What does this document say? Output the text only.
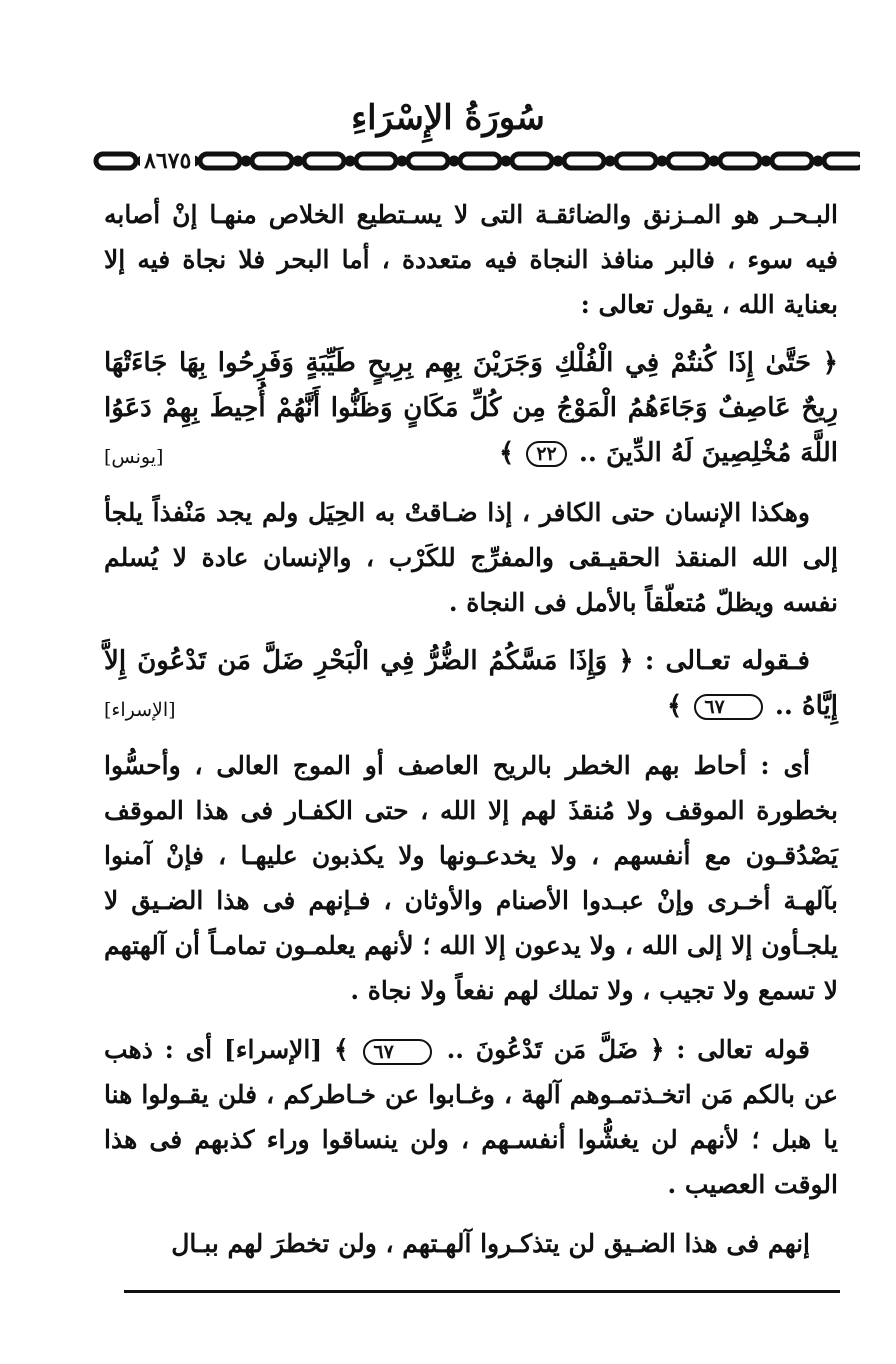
سُورَةُ الإِسْرَاءِ
٨٦٧٥

البـحـر هو المـزنق والضائقـة التى لا يسـتطيع الخلاص منهـا إنْ أصابه فيه سوء ، فالبر منافذ النجاة فيه متعددة ، أما البحر فلا نجاة فيه إلا بعناية الله ، يقول تعالى :

﴿ حَتَّىٰ إِذَا كُنتُمْ فِي الْفُلْكِ وَجَرَيْنَ بِهِم بِرِيحٍ طَيِّبَةٍ وَفَرِحُوا بِهَا جَاءَتْهَا رِيحٌ عَاصِفٌ وَجَاءَهُمُ الْمَوْجُ مِن كُلِّ مَكَانٍ وَظَنُّوا أَنَّهُمْ أُحِيطَ بِهِمْ دَعَوُا اللَّهَ مُخْلِصِينَ لَهُ الدِّينَ .. ٢٢ ﴾
[يونس]

وهكذا الإنسان حتى الكافر ، إذا ضـاقتْ به الحِيَل ولم يجد مَنْفذاً يلجأ إلى الله المنقذ الحقيـقى والمفرِّج للكَرْب ، والإنسان عادة لا يُسلم نفسه ويظلّ مُتعلّقاً بالأمل فى النجاة .

فـقوله تعـالى : ﴿ وَإِذَا مَسَّكُمُ الضُّرُّ فِي الْبَحْرِ ضَلَّ مَن تَدْعُونَ إِلاَّ إِيَّاهُ .. ٦٧ ﴾
[الإسراء]

أى : أحاط بهم الخطر بالريح العاصف أو الموج العالى ، وأحسُّوا بخطورة الموقف ولا مُنقذَ لهم إلا الله ، حتى الكفـار فى هذا الموقف يَصْدُقـون مع أنفسهم ، ولا يخدعـونها ولا يكذبون عليهـا ، فإنْ آمنوا بآلهـة أخـرى وإنْ عبـدوا الأصنام والأوثان ، فـإنهم فى هذا الضـيق لا يلجـأون إلا إلى الله ، ولا يدعون إلا الله ؛ لأنهم يعلمـون تمامـاً أن آلهتهم لا تسمع ولا تجيب ، ولا تملك لهم نفعاً ولا نجاة .

قوله تعالى : ﴿ ضَلَّ مَن تَدْعُونَ .. ٦٧ ﴾ [الإسراء] أى : ذهب عن بالكم مَن اتخـذتمـوهم آلهة ، وغـابوا عن خـاطركم ، فلن يقـولوا هنا يا هبل ؛ لأنهم لن يغشُّوا أنفسـهم ، ولن ينساقوا وراء كذبهم فى هذا الوقت العصيب .

إنهم فى هذا الضـيق لن يتذكـروا آلهـتهم ، ولن تخطرَ لهم ببـال
